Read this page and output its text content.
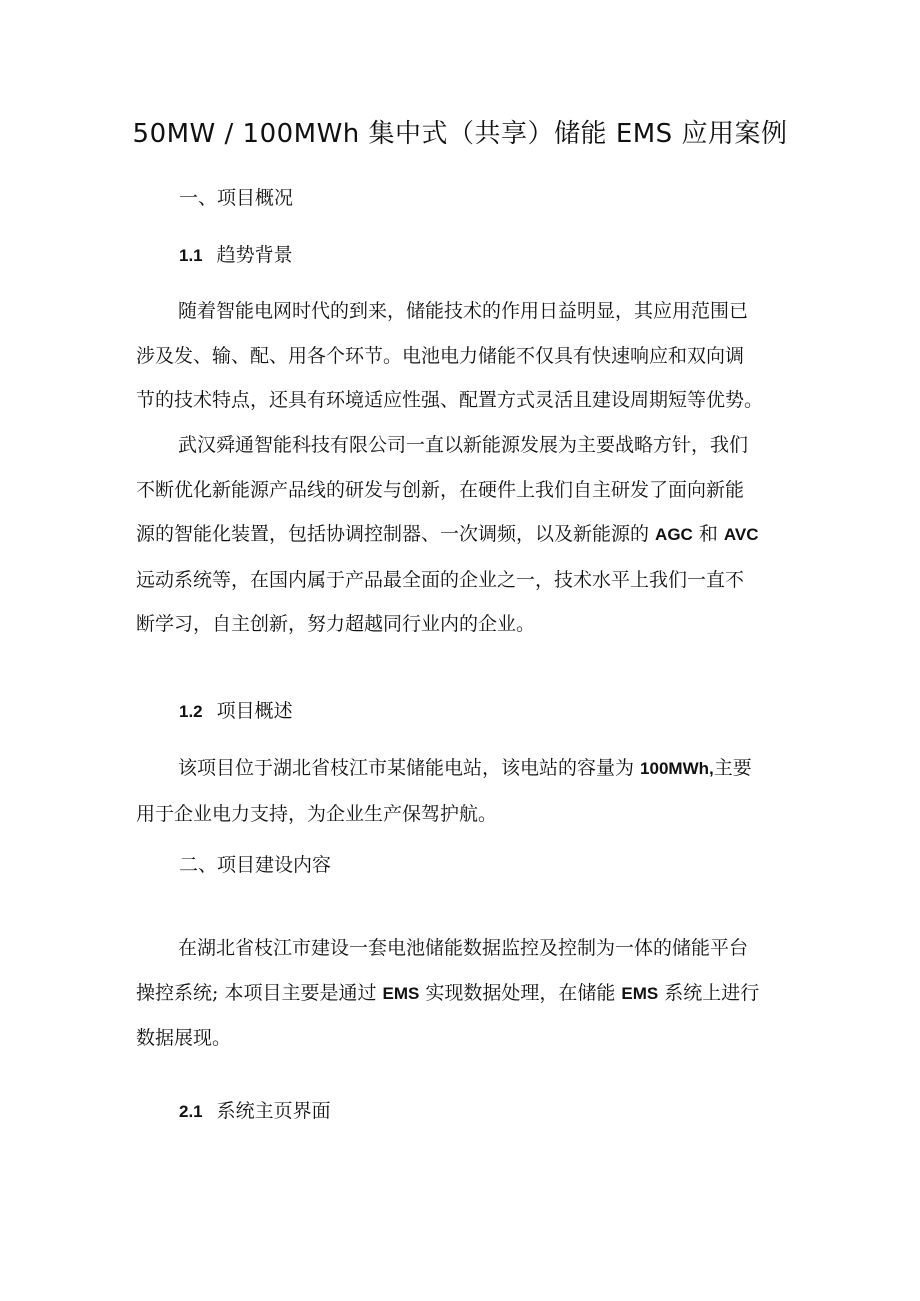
50MW / 100MWh 集中式（共享）储能 EMS 应用案例
一、项目概况
1.1 趋势背景

随着智能电网时代的到来，储能技术的作用日益明显，其应用范围已
涉及发、输、配、用各个环节。电池电力储能不仅具有快速响应和双向调
节的技术特点，还具有环境适应性强、配置方式灵活且建设周期短等优势。

武汉舜通智能科技有限公司一直以新能源发展为主要战略方针，我们
不断优化新能源产品线的研发与创新，在硬件上我们自主研发了面向新能
源的智能化装置，包括协调控制器、一次调频，以及新能源的 AGC 和 AVC
远动系统等，在国内属于产品最全面的企业之一，技术水平上我们一直不
断学习，自主创新，努力超越同行业内的企业。

1.2 项目概述

该项目位于湖北省枝江市某储能电站，该电站的容量为 100MWh,主要
用于企业电力支持，为企业生产保驾护航。

二、项目建设内容

在湖北省枝江市建设一套电池储能数据监控及控制为一体的储能平台
操控系统; 本项目主要是通过 EMS 实现数据处理，在储能 EMS 系统上进行
数据展现。

2.1 系统主页界面
